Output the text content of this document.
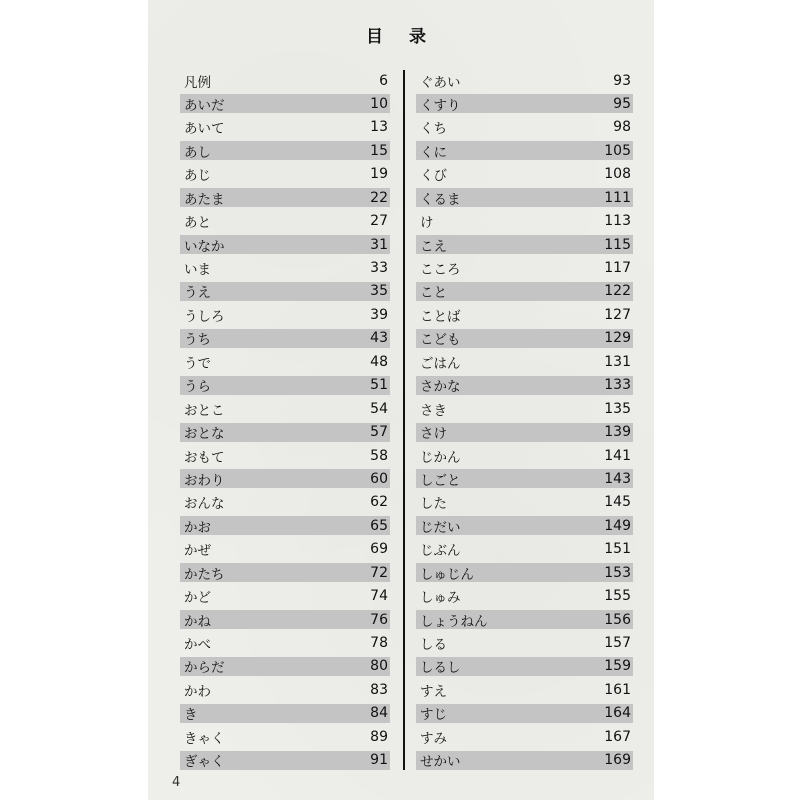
目 录
凡例	6
あいだ	10
あいて	13
あし	15
あじ	19
あたま	22
あと	27
いなか	31
いま	33
うえ	35
うしろ	39
うち	43
うで	48
うら	51
おとこ	54
おとな	57
おもて	58
おわり	60
おんな	62
かお	65
かぜ	69
かたち	72
かど	74
かね	76
かべ	78
からだ	80
かわ	83
き	84
きゃく	89
ぎゃく	91
ぐあい	93
くすり	95
くち	98
くに	105
くび	108
くるま	111
け	113
こえ	115
こころ	117
こと	122
ことば	127
こども	129
ごはん	131
さかな	133
さき	135
さけ	139
じかん	141
しごと	143
した	145
じだい	149
じぶん	151
しゅじん	153
しゅみ	155
しょうねん	156
しる	157
しるし	159
すえ	161
すじ	164
すみ	167
せかい	169
4
